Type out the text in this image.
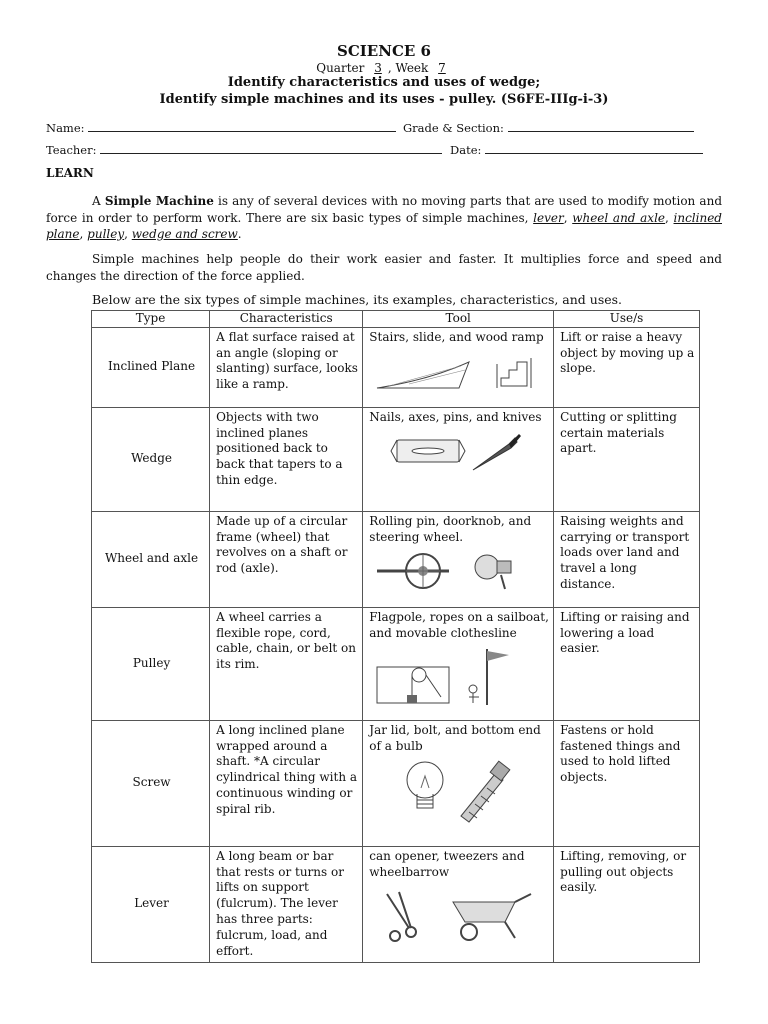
SCIENCE 6
Quarter 3 , Week 7
Identify characteristics and uses of wedge;
Identify simple machines and its uses - pulley. (S6FE-IIIg-i-3)
Name:	Grade & Section:
Teacher:	Date:
LEARN
A Simple Machine is any of several devices with no moving parts that are used to modify motion and force in order to perform work. There are six basic types of simple machines, lever, wheel and axle, inclined plane, pulley, wedge and screw.
Simple machines help people do their work easier and faster. It multiplies force and speed and changes the direction of the force applied.
Below are the six types of simple machines, its examples, characteristics, and uses.
Type	Characteristics	Tool	Use/s
Inclined Plane	A flat surface raised at an angle (sloping or slanting) surface, looks like a ramp.	Stairs, slide, and wood ramp	Lift or raise a heavy object by moving up a slope.
Wedge	Objects with two inclined planes positioned back to back that tapers to a thin edge.	Nails, axes, pins, and knives	Cutting or splitting certain materials apart.
Wheel and axle	Made up of a circular frame (wheel) that revolves on a shaft or rod (axle).	Rolling pin, doorknob, and steering wheel.	Raising weights and carrying or transport loads over land and travel a long distance.
Pulley	A wheel carries a flexible rope, cord, cable, chain, or belt on its rim.	Flagpole, ropes on a sailboat, and movable clothesline	Lifting or raising and lowering a load easier.
Screw	A long inclined plane wrapped around a shaft. *A circular cylindrical thing with a continuous winding or spiral rib.	Jar lid, bolt, and bottom end of a bulb	Fastens or hold fastened things and used to hold lifted objects.
Lever	A long beam or bar that rests or turns or lifts on support (fulcrum). The lever has three parts: fulcrum, load, and effort.	can opener, tweezers and wheelbarrow	Lifting, removing, or pulling out objects easily.
